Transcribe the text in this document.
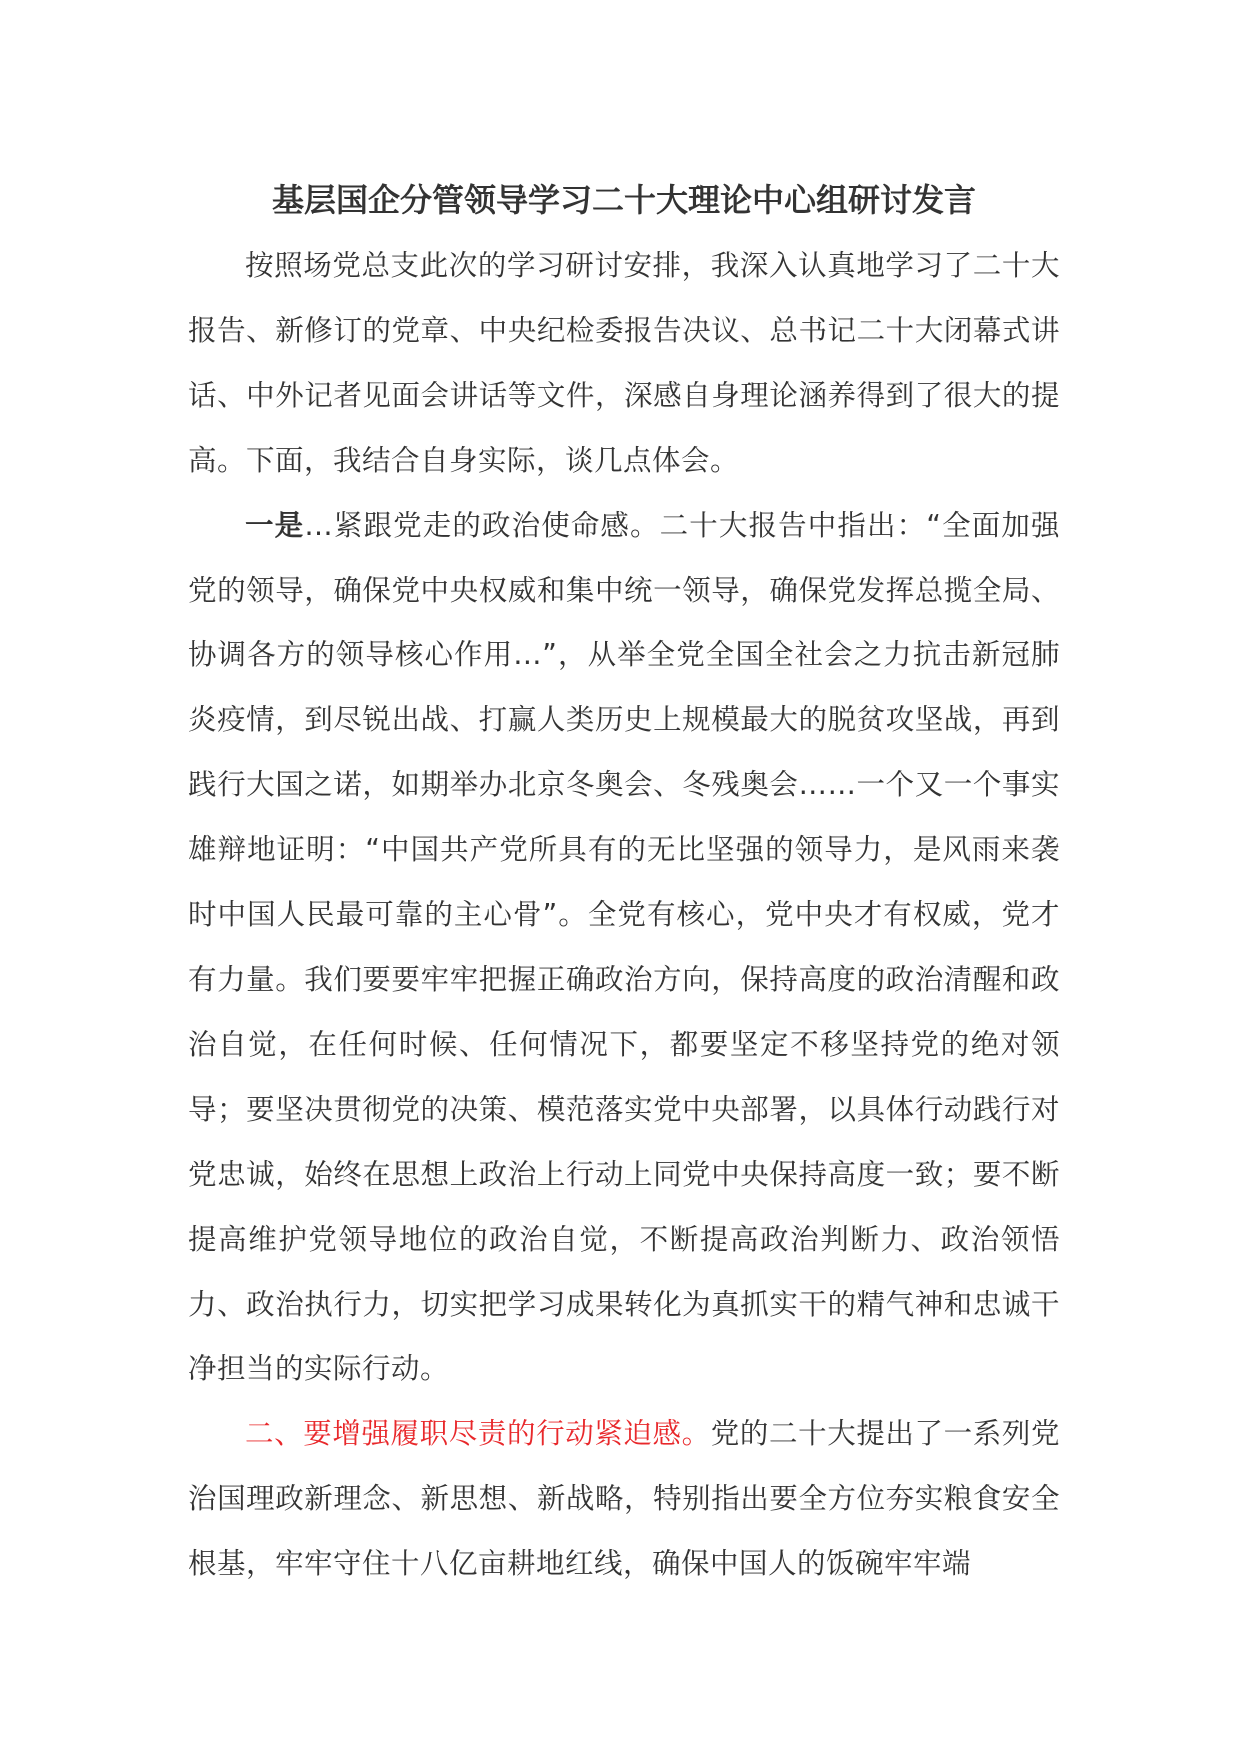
基层国企分管领导学习二十大理论中心组研讨发言

按照场党总支此次的学习研讨安排，我深入认真地学习了二十大报告、新修订的党章、中央纪检委报告决议、总书记二十大闭幕式讲话、中外记者见面会讲话等文件，深感自身理论涵养得到了很大的提高。下面，我结合自身实际，谈几点体会。

一是…紧跟党走的政治使命感。二十大报告中指出：“全面加强党的领导，确保党中央权威和集中统一领导，确保党发挥总揽全局、协调各方的领导核心作用…”，从举全党全国全社会之力抗击新冠肺炎疫情，到尽锐出战、打赢人类历史上规模最大的脱贫攻坚战，再到践行大国之诺，如期举办北京冬奥会、冬残奥会……一个又一个事实雄辩地证明：“中国共产党所具有的无比坚强的领导力，是风雨来袭时中国人民最可靠的主心骨”。全党有核心，党中央才有权威，党才有力量。我们要要牢牢把握正确政治方向，保持高度的政治清醒和政治自觉，在任何时候、任何情况下，都要坚定不移坚持党的绝对领导；要坚决贯彻党的决策、模范落实党中央部署，以具体行动践行对党忠诚，始终在思想上政治上行动上同党中央保持高度一致；要不断提高维护党领导地位的政治自觉，不断提高政治判断力、政治领悟力、政治执行力，切实把学习成果转化为真抓实干的精气神和忠诚干净担当的实际行动。

二、要增强履职尽责的行动紧迫感。党的二十大提出了一系列党治国理政新理念、新思想、新战略，特别指出要全方位夯实粮食安全根基，牢牢守住十八亿亩耕地红线，确保中国人的饭碗牢牢端
